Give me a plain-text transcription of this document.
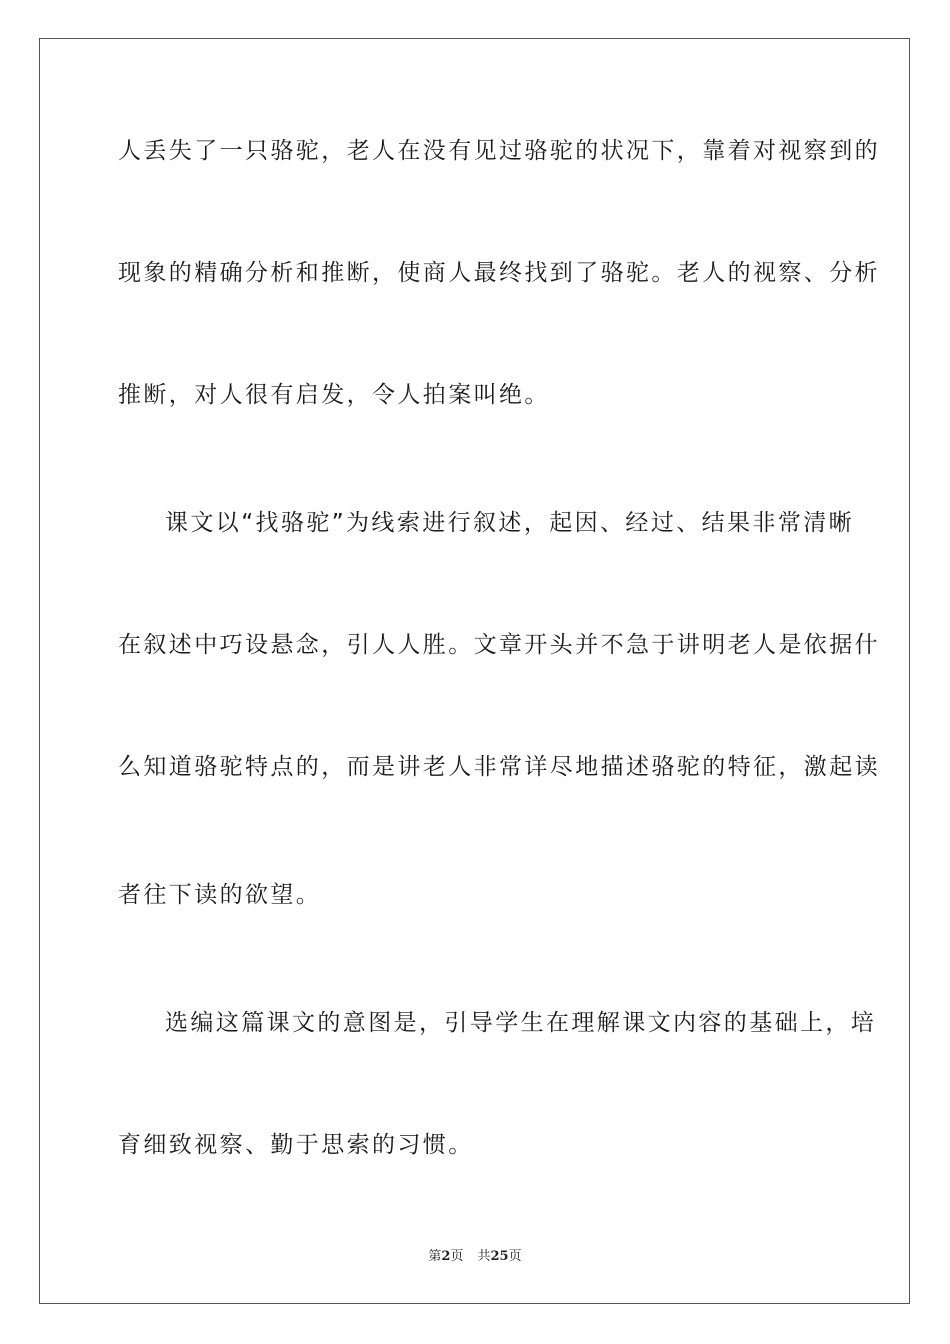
人丢失了一只骆驼，老人在没有见过骆驼的状况下，靠着对视察到的
现象的精确分析和推断，使商人最终找到了骆驼。老人的视察、分析
推断，对人很有启发，令人拍案叫绝。
课文以“找骆驼”为线索进行叙述，起因、经过、结果非常清晰
在叙述中巧设悬念，引人人胜。文章开头并不急于讲明老人是依据什
么知道骆驼特点的，而是讲老人非常详尽地描述骆驼的特征，激起读
者往下读的欲望。
选编这篇课文的意图是，引导学生在理解课文内容的基础上，培
育细致视察、勤于思索的习惯。
第2页 共25页
